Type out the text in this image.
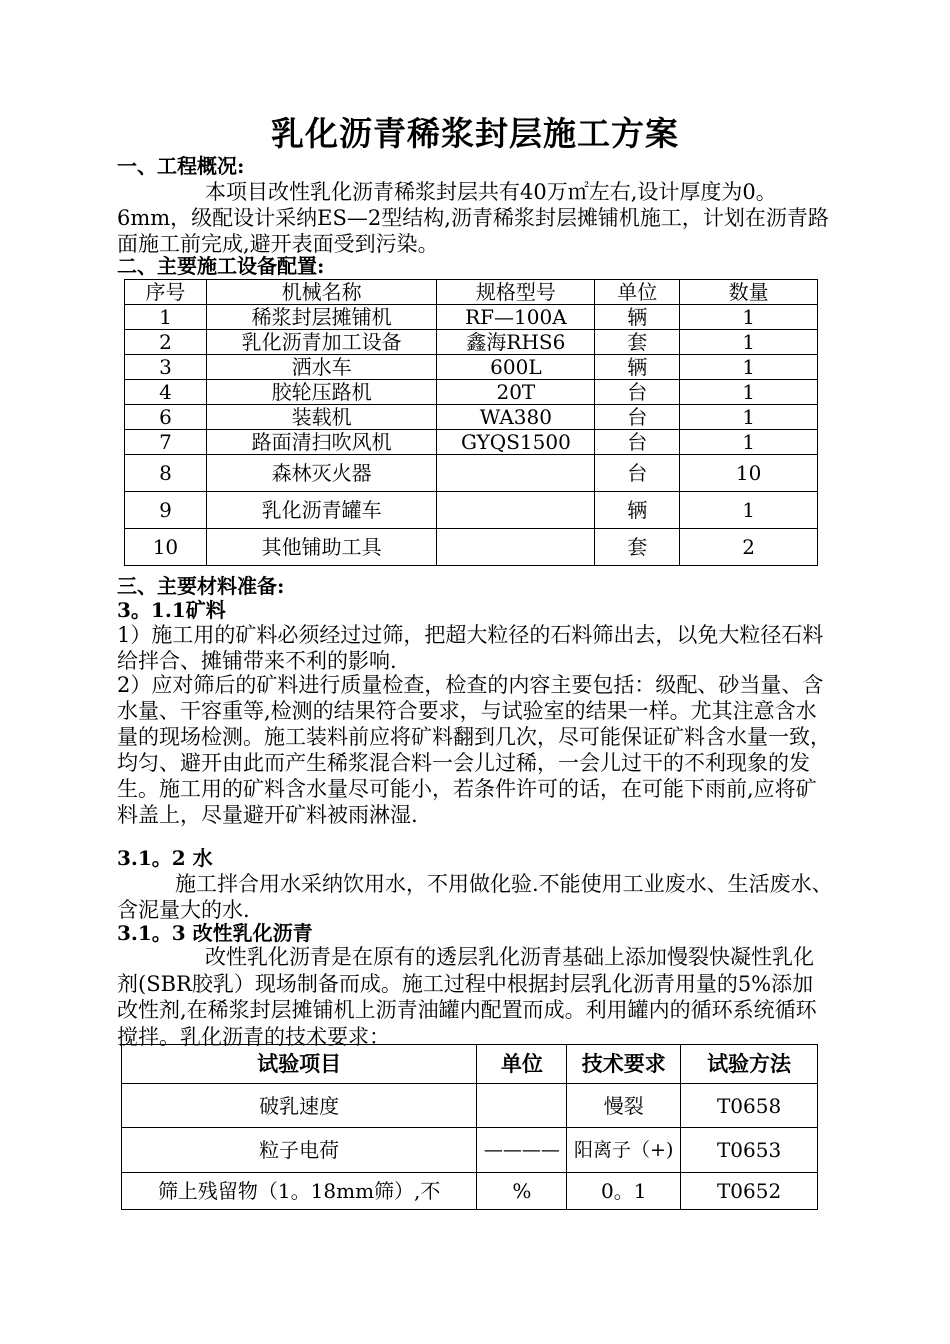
乳化沥青稀浆封层施工方案
一、工程概况:
本项目改性乳化沥青稀浆封层共有40万㎡左右,设计厚度为0。6mm，级配设计采纳ES—2型结构,沥青稀浆封层摊铺机施工，计划在沥青路面施工前完成,避开表面受到污染。
二、主要施工设备配置:
序号	机械名称	规格型号	单位	数量
1	稀浆封层摊铺机	RF—100A	辆	1
2	乳化沥青加工设备	鑫海RHS6	套	1
3	洒水车	600L	辆	1
4	胶轮压路机	20T	台	1
6	装载机	WA380	台	1
7	路面清扫吹风机	GYQS1500	台	1
8	森林灭火器		台	10
9	乳化沥青罐车		辆	1
10	其他铺助工具		套	2
三、主要材料准备:
3。1.1矿料
1）施工用的矿料必须经过过筛，把超大粒径的石料筛出去，以免大粒径石料给拌合、摊铺带来不利的影响.
2）应对筛后的矿料进行质量检查，检查的内容主要包括：级配、砂当量、含水量、干容重等,检测的结果符合要求，与试验室的结果一样。尤其注意含水量的现场检测。施工装料前应将矿料翻到几次，尽可能保证矿料含水量一致，均匀、避开由此而产生稀浆混合料一会儿过稀，一会儿过干的不利现象的发生。施工用的矿料含水量尽可能小，若条件许可的话，在可能下雨前,应将矿料盖上，尽量避开矿料被雨淋湿.
3.1。2 水
施工拌合用水采纳饮用水，不用做化验.不能使用工业废水、生活废水、含泥量大的水.
3.1。3 改性乳化沥青
改性乳化沥青是在原有的透层乳化沥青基础上添加慢裂快凝性乳化剂(SBR胶乳）现场制备而成。施工过程中根据封层乳化沥青用量的5%添加改性剂,在稀浆封层摊铺机上沥青油罐内配置而成。利用罐内的循环系统循环搅拌。乳化沥青的技术要求：
试验项目	单位	技术要求	试验方法
破乳速度		慢裂	T0658
粒子电荷	————	阳离子（+)	T0653
筛上残留物（1。18mm筛）,不	%	0。1	T0652
